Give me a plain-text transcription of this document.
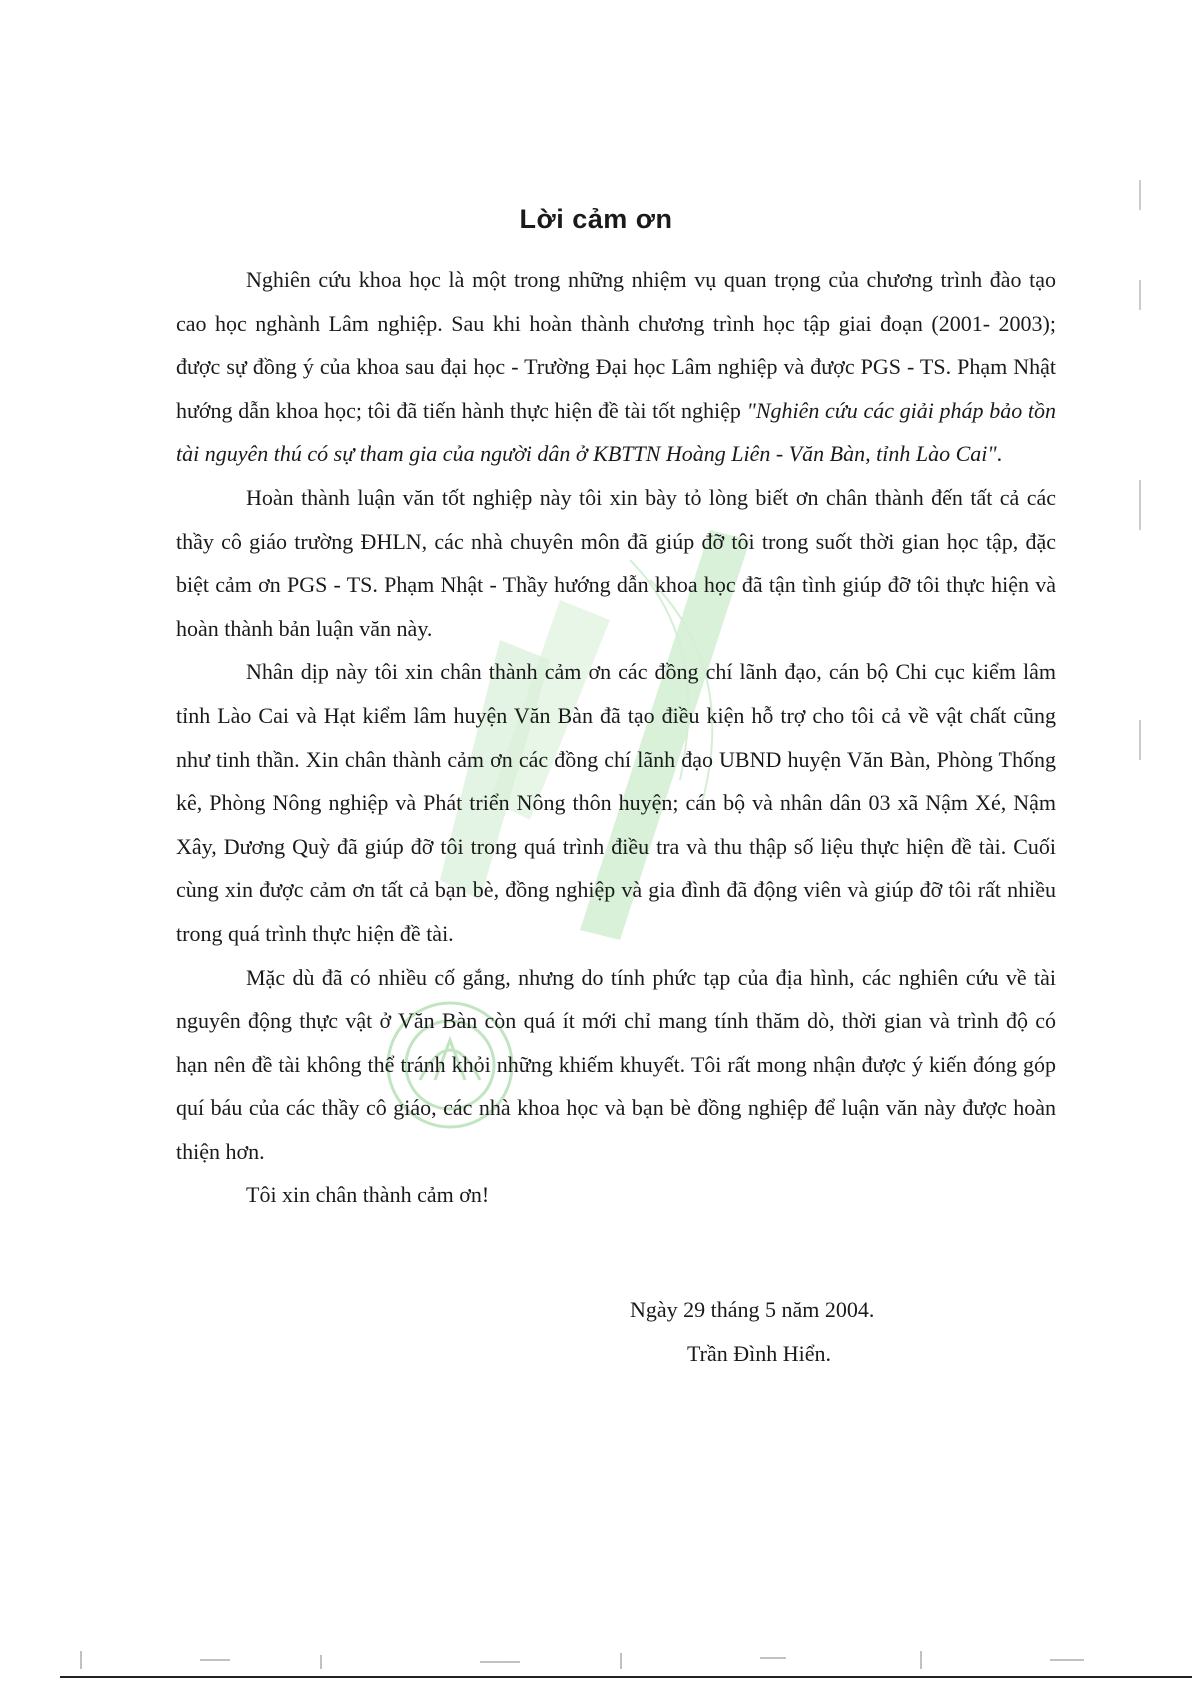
Lời cảm ơn

Nghiên cứu khoa học là một trong những nhiệm vụ quan trọng của chương trình đào tạo cao học nghành Lâm nghiệp. Sau khi hoàn thành chương trình học tập giai đoạn (2001- 2003); được sự đồng ý của khoa sau đại học - Trường Đại học Lâm nghiệp và được PGS - TS. Phạm Nhật hướng dẫn khoa học; tôi đã tiến hành thực hiện đề tài tốt nghiệp "Nghiên cứu các giải pháp bảo tồn tài nguyên thú có sự tham gia của người dân ở KBTTN Hoàng Liên - Văn Bàn, tỉnh Lào Cai".

Hoàn thành luận văn tốt nghiệp này tôi xin bày tỏ lòng biết ơn chân thành đến tất cả các thầy cô giáo trường ĐHLN, các nhà chuyên môn đã giúp đỡ tôi trong suốt thời gian học tập, đặc biệt cảm ơn PGS - TS. Phạm Nhật - Thầy hướng dẫn khoa học đã tận tình giúp đỡ tôi thực hiện và hoàn thành bản luận văn này.

Nhân dịp này tôi xin chân thành cảm ơn các đồng chí lãnh đạo, cán bộ Chi cục kiểm lâm tỉnh Lào Cai và Hạt kiểm lâm huyện Văn Bàn đã tạo điều kiện hỗ trợ cho tôi cả về vật chất cũng như tinh thần. Xin chân thành cảm ơn các đồng chí lãnh đạo UBND huyện Văn Bàn, Phòng Thống kê, Phòng Nông nghiệp và Phát triển Nông thôn huyện; cán bộ và nhân dân 03 xã Nậm Xé, Nậm Xây, Dương Quỳ đã giúp đỡ tôi trong quá trình điều tra và thu thập số liệu thực hiện đề tài. Cuối cùng xin được cảm ơn tất cả bạn bè, đồng nghiệp và gia đình đã động viên và giúp đỡ tôi rất nhiều trong quá trình thực hiện đề tài.

Mặc dù đã có nhiều cố gắng, nhưng do tính phức tạp của địa hình, các nghiên cứu về tài nguyên động thực vật ở Văn Bàn còn quá ít mới chỉ mang tính thăm dò, thời gian và trình độ có hạn nên đề tài không thể tránh khỏi những khiếm khuyết. Tôi rất mong nhận được ý kiến đóng góp quí báu của các thầy cô giáo, các nhà khoa học và bạn bè đồng nghiệp để luận văn này được hoàn thiện hơn.

Tôi xin chân thành cảm ơn!

Ngày 29 tháng 5 năm 2004.
Trần Đình Hiển.
